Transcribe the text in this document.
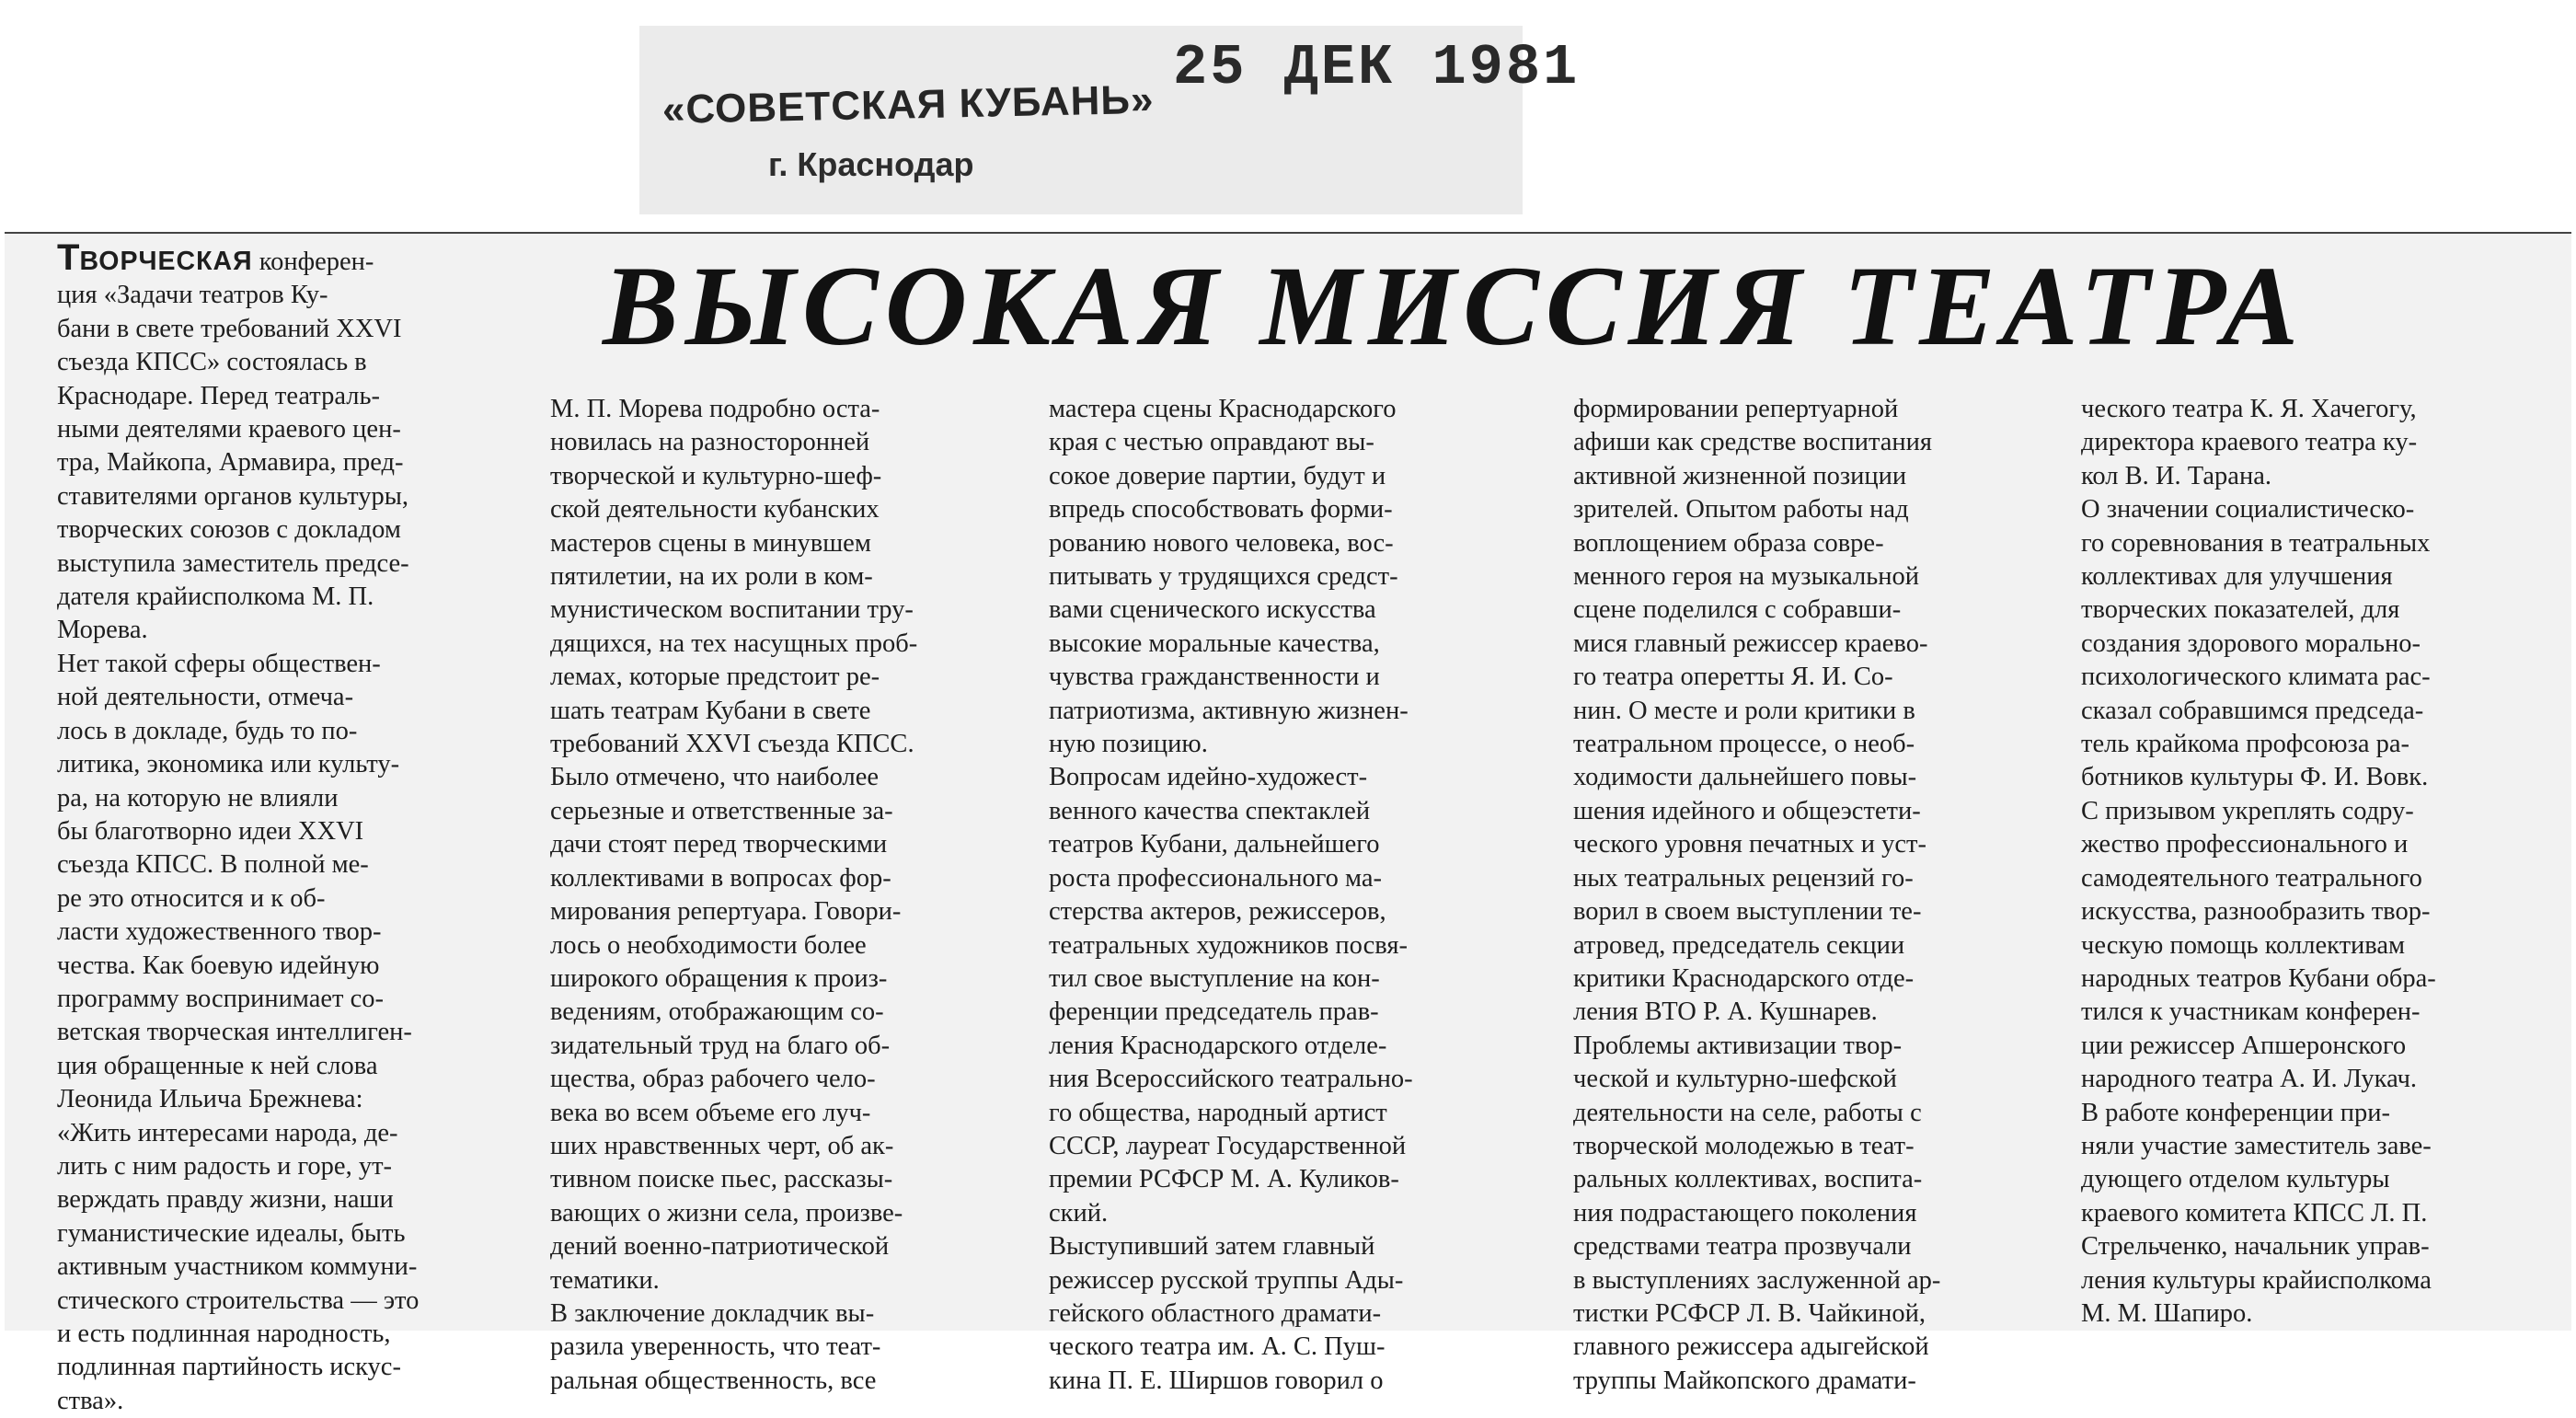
«СОВЕТСКАЯ КУБАНЬ»
г. Краснодар
25 ДЕК 1981
ВЫСОКАЯ МИССИЯ ТЕАТРА

ТВОРЧЕСКАЯ конферен-
ция «Задачи театров Ку-
бани в свете требований XXVI
съезда КПСС» состоялась в
Краснодаре. Перед театраль-
ными деятелями краевого цен-
тра, Майкопа, Армавира, пред-
ставителями органов культуры,
творческих союзов с докладом
выступила заместитель предсе-
дателя крайисполкома М. П.
Морева.
Нет такой сферы обществен-
ной деятельности, отмеча-
лось в докладе, будь то по-
литика, экономика или культу-
ра, на которую не влияли
бы благотворно идеи XXVI
съезда КПСС. В полной ме-
ре это относится и к об-
ласти художественного твор-
чества. Как боевую идейную
программу воспринимает со-
ветская творческая интеллиген-
ция обращенные к ней слова
Леонида Ильича Брежнева:
«Жить интересами народа, де-
лить с ним радость и горе, ут-
верждать правду жизни, наши
гуманистические идеалы, быть
активным участником коммуни-
стического строительства — это
и есть подлинная народность,
подлинная партийность искус-
ства».

М. П. Морева подробно оста-
новилась на разносторонней
творческой и культурно-шеф-
ской деятельности кубанских
мастеров сцены в минувшем
пятилетии, на их роли в ком-
мунистическом воспитании тру-
дящихся, на тех насущных проб-
лемах, которые предстоит ре-
шать театрам Кубани в свете
требований XXVI съезда КПСС.
Было отмечено, что наиболее
серьезные и ответственные за-
дачи стоят перед творческими
коллективами в вопросах фор-
мирования репертуара. Говори-
лось о необходимости более
широкого обращения к произ-
ведениям, отображающим со-
зидательный труд на благо об-
щества, образ рабочего чело-
века во всем объеме его луч-
ших нравственных черт, об ак-
тивном поиске пьес, рассказы-
вающих о жизни села, произве-
дений военно-патриотической
тематики.
В заключение докладчик вы-
разила уверенность, что теат-
ральная общественность, все

мастера сцены Краснодарского
края с честью оправдают вы-
сокое доверие партии, будут и
впредь способствовать форми-
рованию нового человека, вос-
питывать у трудящихся средст-
вами сценического искусства
высокие моральные качества,
чувства гражданственности и
патриотизма, активную жизнен-
ную позицию.
Вопросам идейно-художест-
венного качества спектаклей
театров Кубани, дальнейшего
роста профессионального ма-
стерства актеров, режиссеров,
театральных художников посвя-
тил свое выступление на кон-
ференции председатель прав-
ления Краснодарского отделе-
ния Всероссийского театрально-
го общества, народный артист
СССР, лауреат Государственной
премии РСФСР М. А. Куликов-
ский.
Выступивший затем главный
режиссер русской труппы Ады-
гейского областного драмати-
ческого театра им. А. С. Пуш-
кина П. Е. Ширшов говорил о

формировании репертуарной
афиши как средстве воспитания
активной жизненной позиции
зрителей. Опытом работы над
воплощением образа совре-
менного героя на музыкальной
сцене поделился с собравши-
мися главный режиссер краево-
го театра оперетты Я. И. Со-
нин. О месте и роли критики в
театральном процессе, о необ-
ходимости дальнейшего повы-
шения идейного и общеэстети-
ческого уровня печатных и уст-
ных театральных рецензий го-
ворил в своем выступлении те-
атровед, председатель секции
критики Краснодарского отде-
ления ВТО Р. А. Кушнарев.
Проблемы активизации твор-
ческой и культурно-шефской
деятельности на селе, работы с
творческой молодежью в теат-
ральных коллективах, воспита-
ния подрастающего поколения
средствами театра прозвучали
в выступлениях заслуженной ар-
тистки РСФСР Л. В. Чайкиной,
главного режиссера адыгейской
труппы Майкопского драмати-

ческого театра К. Я. Хачегогу,
директора краевого театра ку-
кол В. И. Тарана.
О значении социалистическо-
го соревнования в театральных
коллективах для улучшения
творческих показателей, для
создания здорового морально-
психологического климата рас-
сказал собравшимся председа-
тель крайкома профсоюза ра-
ботников культуры Ф. И. Вовк.
С призывом укреплять содру-
жество профессионального и
самодеятельного театрального
искусства, разнообразить твор-
ческую помощь коллективам
народных театров Кубани обра-
тился к участникам конферен-
ции режиссер Апшеронского
народного театра А. И. Лукач.
В работе конференции при-
няли участие заместитель заве-
дующего отделом культуры
краевого комитета КПСС Л. П.
Стрельченко, начальник управ-
ления культуры крайисполкома
М. М. Шапиро.
